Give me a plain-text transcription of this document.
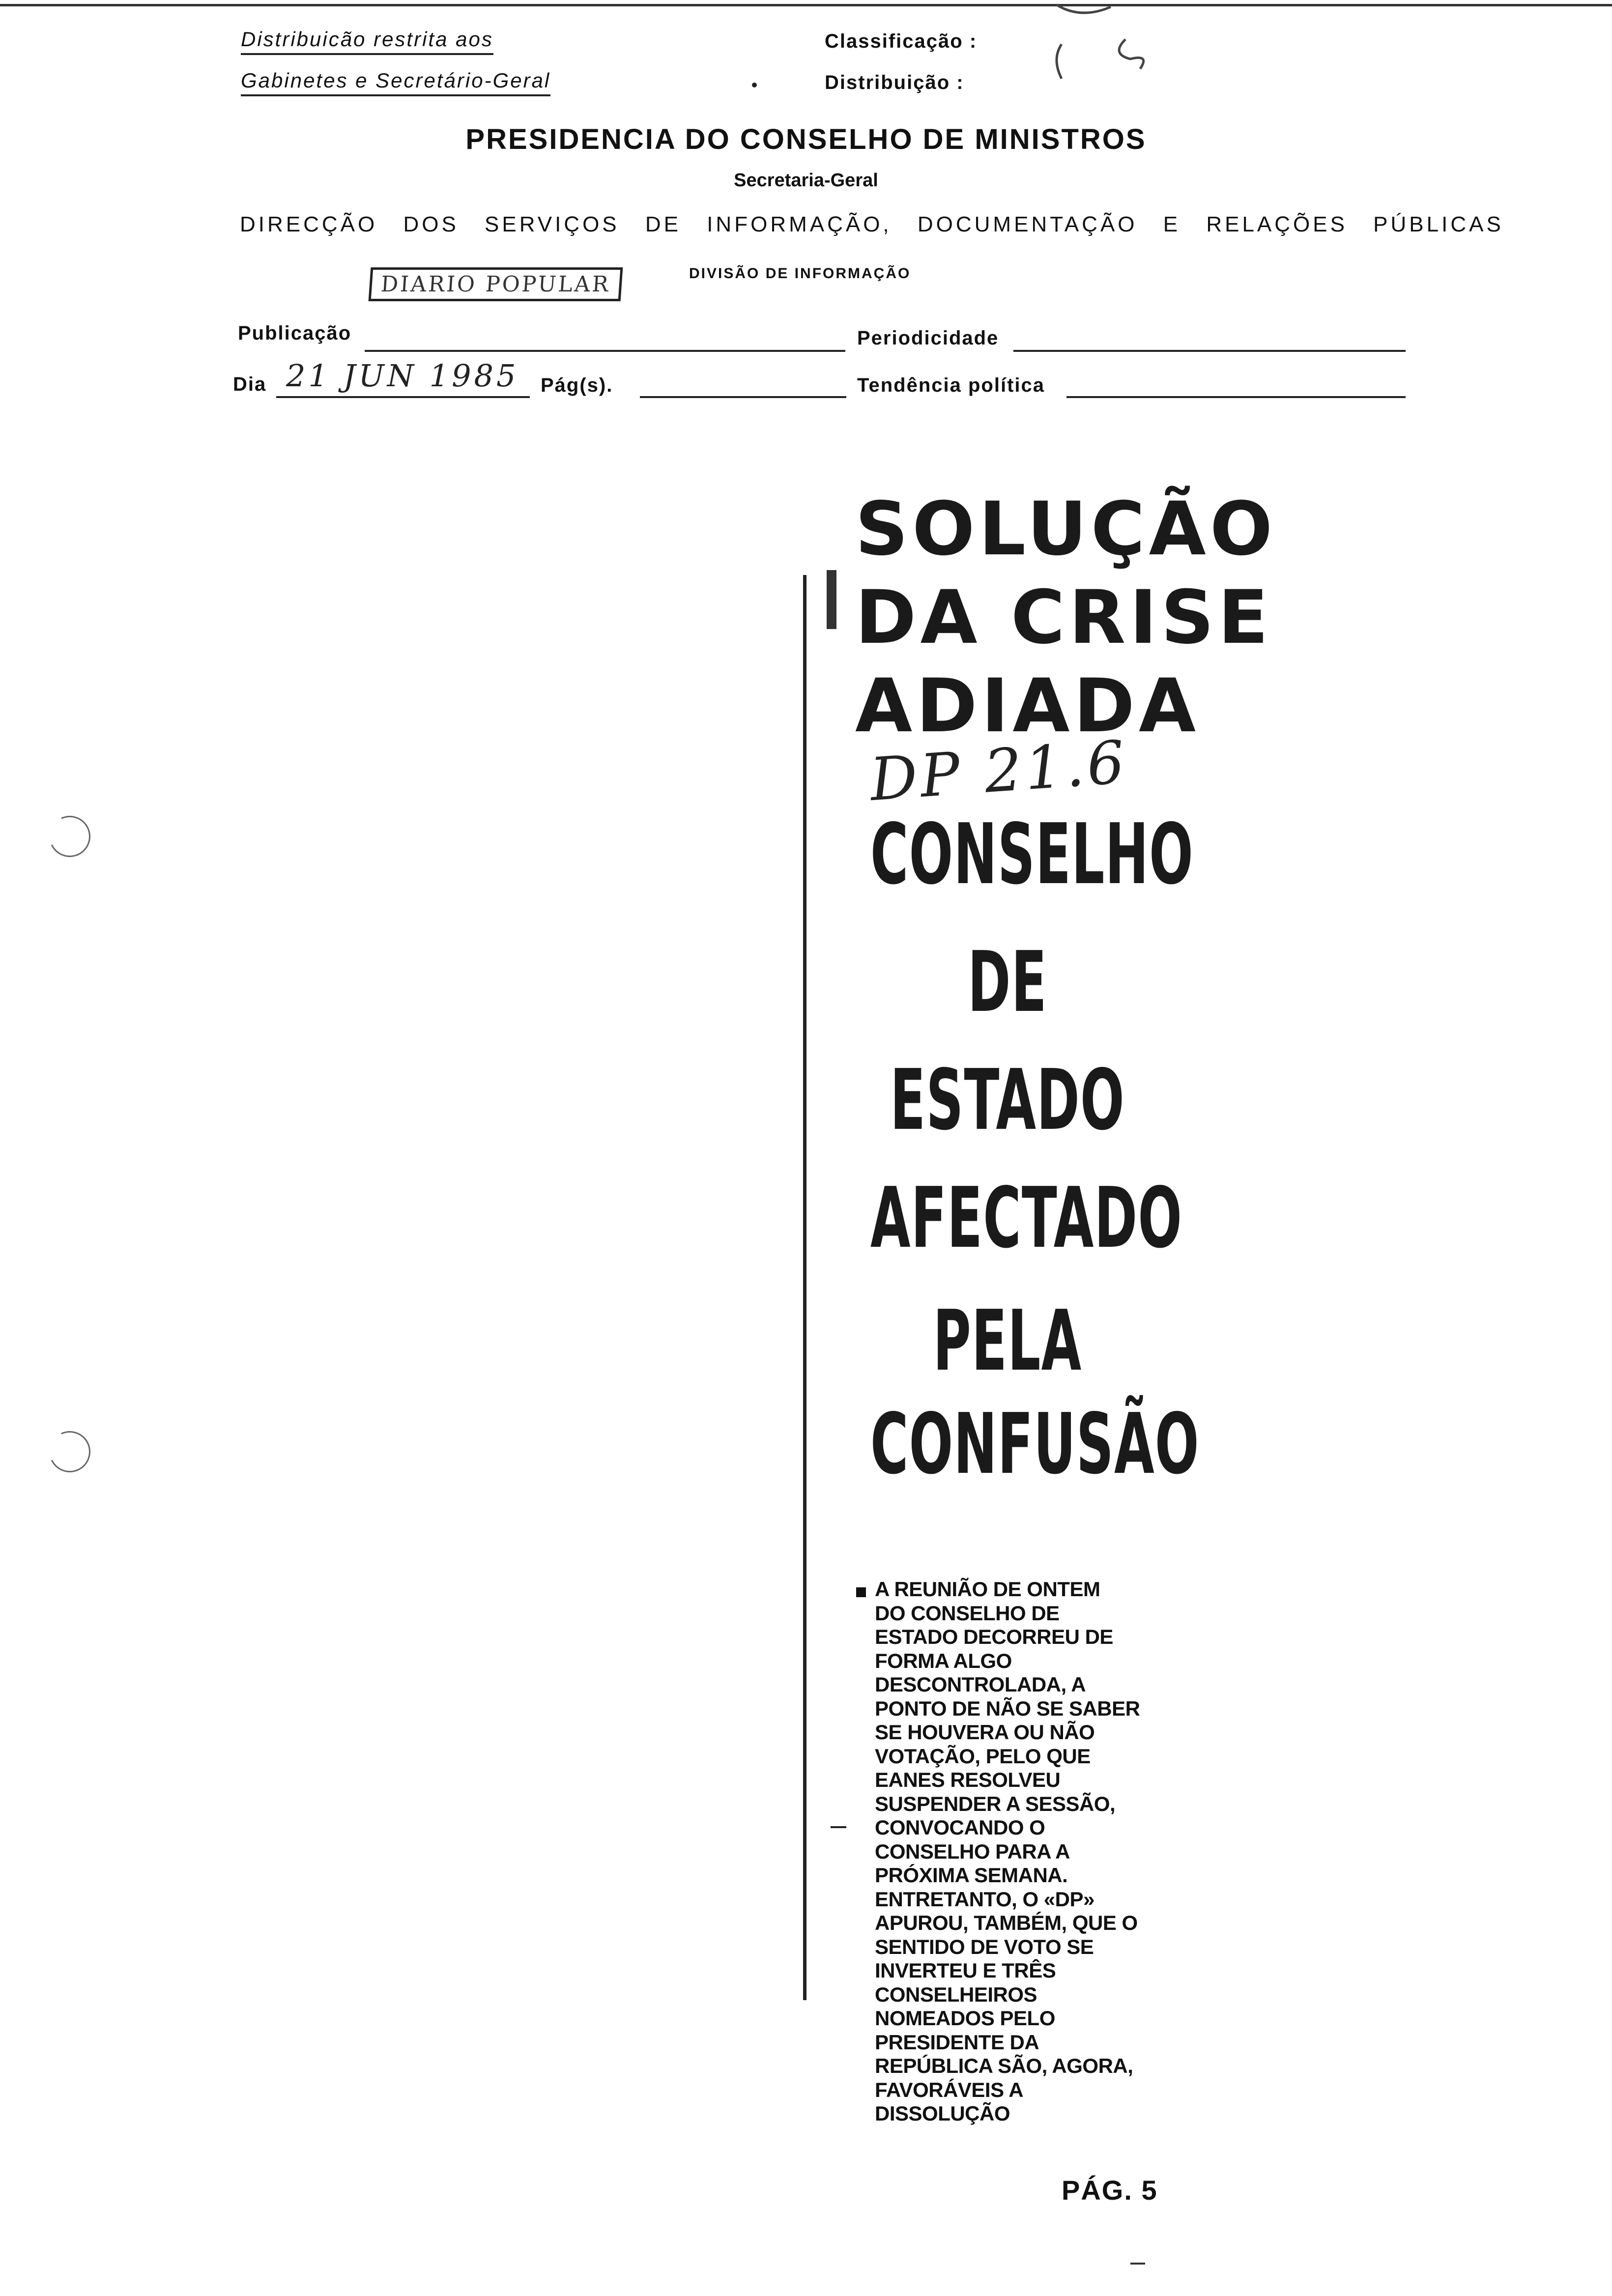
Distribuicão restrita aos
Gabinetes e Secretário-Geral
Classificação :
Distribuição :
PRESIDENCIA DO CONSELHO DE MINISTROS
Secretaria-Geral
DIRECÇÃO DOS SERVIÇOS DE INFORMAÇÃO, DOCUMENTAÇÃO E RELAÇÕES PÚBLICAS
DIARIO POPULAR	DIVISÃO DE INFORMAÇÃO
Publicação	Periodicidade
Dia 21 JUN 1985 Pág(s).	Tendência política
SOLUÇÃO
DA CRISE
ADIADA
DP 21.6
CONSELHO
DE
ESTADO
AFECTADO
PELA
CONFUSÃO
A REUNIÃO DE ONTEM
DO CONSELHO DE
ESTADO DECORREU DE
FORMA ALGO
DESCONTROLADA, A
PONTO DE NÃO SE SABER
SE HOUVERA OU NÃO
VOTAÇÃO, PELO QUE
EANES RESOLVEU
SUSPENDER A SESSÃO,
CONVOCANDO O
CONSELHO PARA A
PRÓXIMA SEMANA.
ENTRETANTO, O «DP»
APUROU, TAMBÉM, QUE O
SENTIDO DE VOTO SE
INVERTEU E TRÊS
CONSELHEIROS
NOMEADOS PELO
PRESIDENTE DA
REPÚBLICA SÃO, AGORA,
FAVORÁVEIS A
DISSOLUÇÃO
PÁG. 5
